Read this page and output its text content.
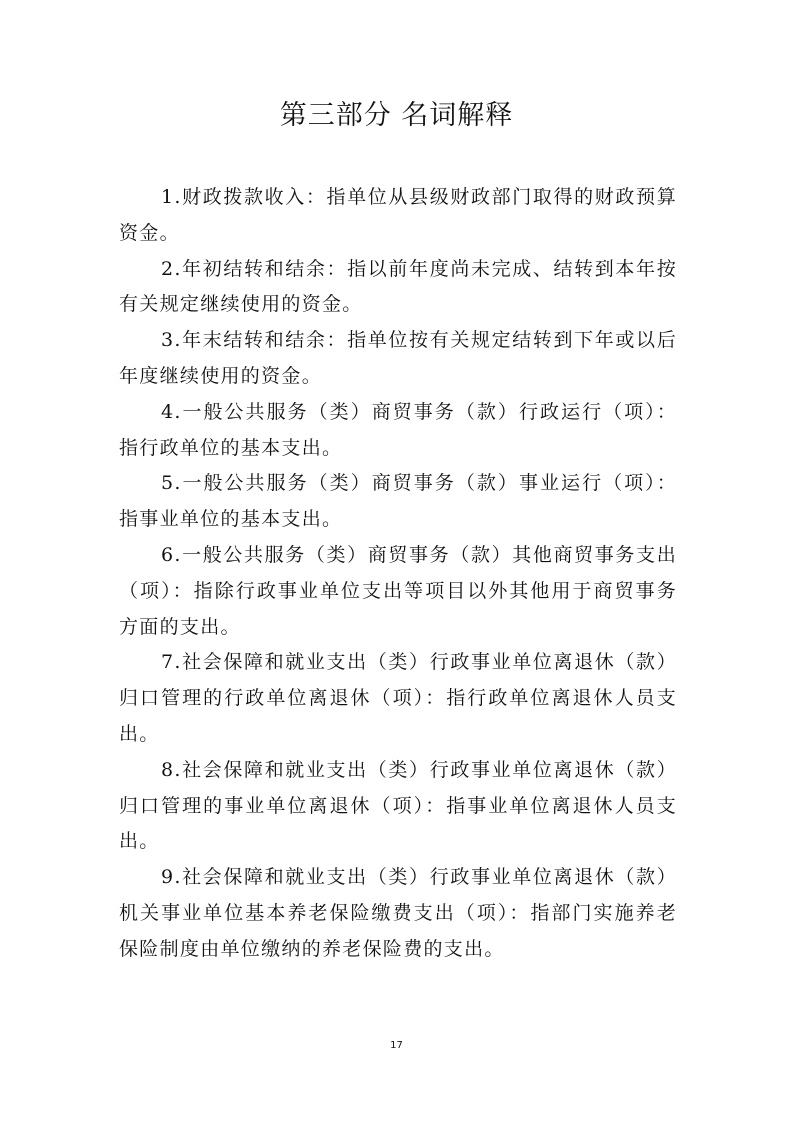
第三部分 名词解释

1.财政拨款收入：指单位从县级财政部门取得的财政预算资金。

2.年初结转和结余：指以前年度尚未完成、结转到本年按有关规定继续使用的资金。

3.年末结转和结余：指单位按有关规定结转到下年或以后年度继续使用的资金。

4.一般公共服务（类）商贸事务（款）行政运行（项）：指行政单位的基本支出。

5.一般公共服务（类）商贸事务（款）事业运行（项）：指事业单位的基本支出。

6.一般公共服务（类）商贸事务（款）其他商贸事务支出（项）：指除行政事业单位支出等项目以外其他用于商贸事务方面的支出。

7.社会保障和就业支出（类）行政事业单位离退休（款）归口管理的行政单位离退休（项）：指行政单位离退休人员支出。

8.社会保障和就业支出（类）行政事业单位离退休（款）归口管理的事业单位离退休（项）：指事业单位离退休人员支出。

9.社会保障和就业支出（类）行政事业单位离退休（款）机关事业单位基本养老保险缴费支出（项）：指部门实施养老保险制度由单位缴纳的养老保险费的支出。

17
